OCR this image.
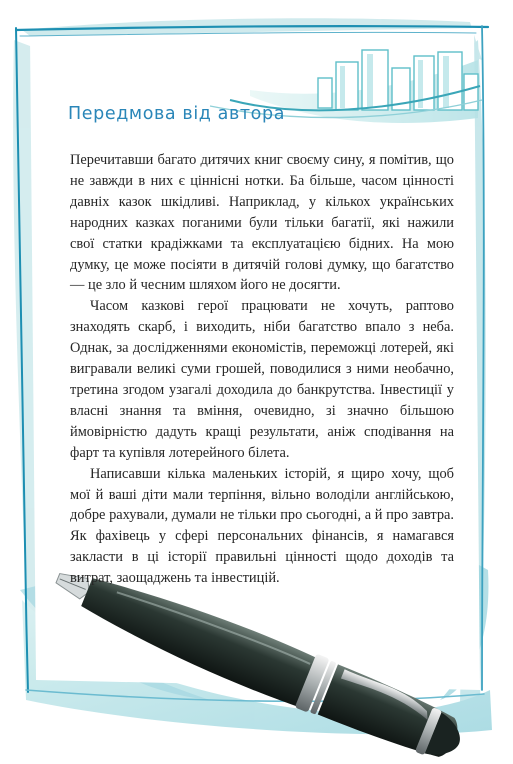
Передмова від автора

Перечитавши багато дитячих книг своєму сину, я помітив, що не завжди в них є ціннісні нотки. Ба більше, часом цінності давніх казок шкідливі. Наприклад, у кількох українських народних казках поганими були тільки багатії, які нажили свої статки крадіжками та експлуатацією бідних. На мою думку, це може посіяти в дитячій голові думку, що багатство — це зло й чесним шляхом його не досягти.

Часом казкові герої працювати не хочуть, раптово знаходять скарб, і виходить, ніби багатство впало з неба. Однак, за дослідженнями економістів, переможці лотерей, які вигравали великі суми грошей, поводилися з ними необачно, третина згодом узагалі доходила до банкрутства. Інвестиції у власні знання та вміння, очевидно, зі значно більшою ймовірністю дадуть кращі результати, аніж сподівання на фарт та купівля лотерейного білета.

Написавши кілька маленьких історій, я щиро хочу, щоб мої й ваші діти мали терпіння, вільно володіли англійською, добре рахували, думали не тільки про сьогодні, а й про завтра. Як фахівець у сфері персональних фінансів, я намагався закласти в ці історії правильні цінності щодо доходів та витрат, заощаджень та інвестицій.
